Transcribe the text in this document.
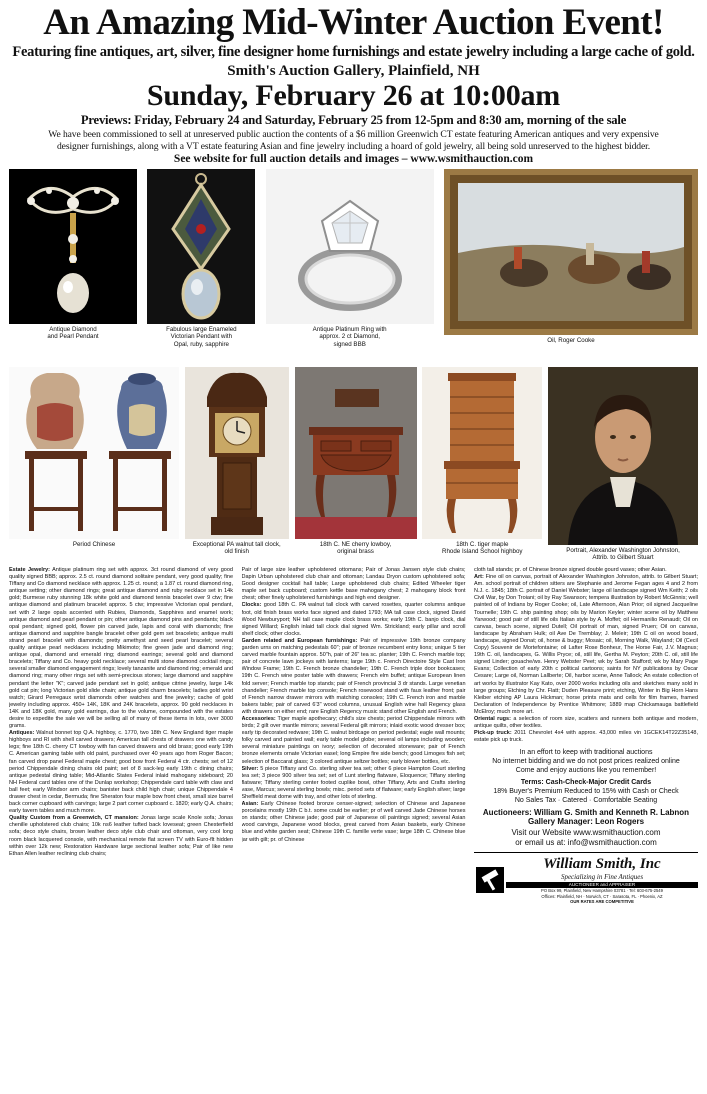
An Amazing Mid-Winter Auction Event!
Featuring fine antiques, art, silver, fine designer home furnishings and estate jewelry including a large cache of gold.
Smith's Auction Gallery, Plainfield, NH
Sunday, February 26 at 10:00am
Previews: Friday, February 24 and Saturday, February 25 from 12-5pm and 8:30 am, morning of the sale
We have been commissioned to sell at unreserved public auction the contents of a $6 million Greenwich CT estate featuring American antiques and very expensive
designer furnishings, along with a VT estate featuring Asian and fine jewelry including a hoard of gold jewelry, all being sold unreserved to the highest bidder.
See website for full auction details and images – www.wsmithauction.com
Antique Diamond
and Pearl Pendant
Fabulous large Enameled
Victorian Pendant with
Opal, ruby, sapphire
Antique Platinum Ring with
approx. 2 ct Diamond,
signed BBB
Oil, Roger Cooke
Period Chinese	Exceptional PA walnut tall clock,
old finish
18th C. NE cherry lowboy,
original brass
18th C. tiger maple
Rhode Island School highboy	Portrait, Alexander Washington Johnston,
Attrib. to Gilbert Stuart

Estate Jewelry: Antique platinum ring set with approx. 3ct round diamond of very good quality signed BBB; approx. 2.5 ct. round diamond solitaire pendant, very good quality; fine Tiffany and Co diamond necklace with approx. 1.25 ct. round; a 1.87 ct. round diamond ring, antique setting; other diamond rings; great antique diamond and ruby necklace set in 14k gold; Burmese ruby stunning 18k white gold and diamond tennis bracelet over 9 ctw; fine antique diamond and platinum bracelet approx. 5 ctw; impressive Victorian opal pendant, set with 2 large opals accented with Rubies, Diamonds, Sapphires and enamel work; antique diamond and pearl pendant or pin; other antique diamond pins and pendants; black opal pendant; signed gold, flower pin carved jade, lapis and coral with diamonds; fine antique diamond and sapphire bangle bracelet other gold gem set bracelets; antique multi strand pearl bracelet with diamonds; pretty amethyst and seed pearl bracelet; several quality antique pearl necklaces including Mikimoto; fine green jade and diamond ring; antique opal, diamond and emerald ring; diamond earrings; several gold and diamond bracelets; Tiffany and Co. heavy gold necklace; several multi stone diamond cocktail rings; several smaller diamond engagement rings; lovely tanzanite and diamond ring; emerald and diamond ring; many other rings set with semi-precious stones; large diamond and sapphire pendant the letter "K"; carved jade pendant set in gold; antique citrine jewelry, large 14k gold cat pin; long Victorian gold slide chain; antique gold charm bracelets; ladies gold wrist watch; Girard Perregaux wrist diamonds other watches and fine jewelry; cache of gold jewelry including approx. 450+ 14K, 18K and 24K bracelets, approx. 90 gold necklaces in 14K and 18K gold, many gold earrings, due to the volume, compounded with the estates desire to expedite the sale we will be selling all of many of these items in lots, over 3000 grams.

Antiques: Walnut bonnet top Q.A. highboy, c. 1770, two 18th C. New England tiger maple highboys and RI with shell carved drawers; American tall chests of drawers one with candy legs; fine 18th C. cherry CT lowboy with fan carved drawers and old brass; good early 19th C. American gaming table with old paint, purchased over 40 years ago from Roger Bacon; fan carved drop panel Federal maple chest; good bow front Federal 4 ctr. chests; set of 12 period Chippendale dining chairs old paint; set of 8 sack-leg early 19th c dining chairs; antique pedestal dining table; Mid-Atlantic States Federal inlaid mahogany sideboard; 20 NH Federal card tables one of the Dunlap workshop; Chippendale card table with claw and ball feet; early Windsor arm chairs; banister back child high chair; unique Chippendale 4 drawer chest in cedar, Bermuda; fine Sheraton four maple bow front chest, small size barrel back corner cupboard with carvings; large 2 part corner cupboard c. 1820; early Q.A. chairs; early tavern tables and much more.

Quality Custom from a Greenwich, CT mansion: Jonas large scale Knole sofa; Jonas chenille upholstered club chairs; 10k ns6 leather tufted back loveseat; green Chesterfield sofa; deco style chairs, brown leather deco style club chair and ottoman, very cool long room black lacquered console, with mechanical remote flat screen TV with Euro-flt hidden within over 12k new; Restoration Hardware large sectional leather sofa; Pair of like new Ethan Allen leather reclining club chairs;

Pair of large size leather upholstered ottomans; Pair of Jonas Jansen style club chairs; Dapin Urban upholstered club chair and ottoman; Landau Dryon custom upholstered sofa; Good designer cocktail hall table; Large upholstered club chairs; Edited Wheeler tiger maple set back cupboard; custom kettle base mahogany chest; 2 mahogany block front chest; other finely upholstered furnishings and high end designer.

Clocks: good 18th C. PA walnut tall clock with carved rosettes, quarter columns antique foot, old finish brass works face signed and dated 1793; MA tall case clock, signed David Wood Newburyport; NH tall case maple clock brass works; early 19th C. banjo clock, dial signed Willard; English inlaid tall clock dial signed Wm. Strickland; early pillar and scroll shelf clock; other clocks.

Garden related and European furnishings: Pair of impressive 19th bronze company garden urns on matching pedestals 60"; pair of bronze recumbent entry lions; unique 5 tier carved marble fountain approx. 50"h, pair of 26" tea sc. planter; 19th C. French marble top; pair of concrete lawn jockeys with lanterns; large 19th c. French Directoire Style Cast Iron Window Frame; 19th C. French bronze chandelier; 19th C. French triple door bookcases; 19th C. French wine poster table with drawers; French elm buffet; antique European linen fold server; French marble top stands; pair of French provincial 3 dr stands. Large venetian chandelier; French marble top console; French rosewood stand with faux leather front; pair of French narrow drawer mirrors with matching consoles; 19th C. French iron and marble bakers table; pair of carved 6'3" wood columns, unusual English wine hall Regency glass with drawers on either end; rare English Regency music stand other English and French.

Accessories: Tiger maple apothecary; child's size chests; period Chippendale mirrors with birds; 2 gilt over mantle mirrors; several Federal gilt mirrors; inlaid exotic wood dresser box; early tip decorated redware; 19th C. walnut birdcage on period pedestal; eagle wall mounts; folky carved and painted wall; early table model globe; several oil lamps including wooden; several miniature paintings on ivory; selection of decorated stoneware; pair of French bronze elements ornate Victorian easel; long Empire fire side bench; good Limoges fish set; selection of Baccarat glass; 3 colored antique seltzer bottles; early blower bottles, etc.

Silver: 5 piece Tiffany and Co. sterling silver tea set; other 6 piece Hampton Court sterling tea set; 3 piece 900 silver tea set; set of Lunt sterling flatware, Eloquence; Tiffany sterling flatware; Tiffany sterling center footed cuplike bowl, other Tiffany, Arts and Crafts sterling vase, Marcus; several sterling bowls; misc. period sets of flatware; early English silver; large Sheffield meat dome with tray, and other lots of sterling.

Asian: Early Chinese footed bronze censer-signed; selection of Chinese and Japanese porcelains mostly 19th C b.t. some could be earlier; pr of well carved Jade Chinese horses on stands; other Chinese jade; good pair of Japanese oil paintings signed; several Asian wood carvings, Japanese wood blocks, great carved from Asian baskets, early Chinese blue and white garden seat; Chinese 19th C. famille verte vase; large 18th C. Chinese blue jar with gilt; pr. of Chinese

cloth tall stands; pr. of Chinese bronze signed double gourd vases; other Asian.

Art: Fine oil on canvas, portrait of Alexander Washington Johnston, attrib. to Gilbert Stuart; Am. school portrait of children sitters are Stephanie and Jerome Fegan ages 4 and 2 from N.J. c. 1845; 18th C. portrait of Daniel Webster; large oil landscape signed Wm Keith; 2 oils Civil War, by Don Troiani; oil by Ray Swanson; tempera illustration by Robert McGinnis; well painted oil of Indians by Roger Cooke; oil, Late Afternoon, Alan Prior; oil signed Jacqueline Tournelle; 19th C. ship painting shop; oils by Marion Keyler; winter scene oil by Matthew Yarwood; good pair of still life oils Italian style by A. Moffet; oil Hermanilio Renaudi; Oil on canvas, beach scene, signed Dutell; Oil portrait of man, signed Pruen; Oil on canvas, landscape by Abraham Hulk; oil Ave De Tremblay; J. Meleir; 19th C oil on wood board, landscape, signed Donat; oil, horse & buggy; Mosaic; oil, Morning Walk, Wayland; Oil (Cecil Copy) Souvenir de Mortefontaine; oil Lafter Rose Bonheur, The Horse Fair, J.V. Magnus; 19th C. oil, landscapes, G. Willis Pryce; oil, still life, Gertha M. Peyton; 20th C. oil, still life signed Linder; gouache/ws. Henry Webster Peet; wk by Sarah Stafford; wk by Mary Page Evans; Collection of early 20th c political cartoons; saints for NY publications by Oscar Cesare; Large oil, Norman Lallberte; Oil, harbor scene, Anne Tallock; An estate collection of art works by illustrator Kay Kato, over 2000 works including oils and sketches many sold in large groups; Etching by Chr. Flatt; Duden Pleasure print; etching, Winter in Big Horn Hans Kleiber etching AP Laura Hickman; horse prints mats and cells for film frames, framed Declaration of Independence by Prentice Whitmore; 1889 map Chickamauga battlefield McElroy; much more art.

Oriental rugs: a selection of room size, scatters and runners both antique and modern, antique quilts, other textiles.

Pick-up truck: 2011 Chevrolet 4x4 with approx. 43,000 miles vin 1GCEK14T22Z35148, estate pick up truck.

In an effort to keep with traditional auctions
No internet bidding and we do not post prices realized online
Come and enjoy auctions like you remember!
Terms: Cash-Check-Major Credit Cards
18% Buyer's Premium Reduced to 15% with Cash or Check
No Sales Tax · Catered · Comfortable Seating
Auctioneers: William G. Smith and Kenneth R. Labnon
Gallery Manager: Leon Rogers
Visit our Website www.wsmithauction.com
or email us at: info@wsmithauction.com
William Smith, Inc
Specializing in Fine Antiques
AUCTIONEER and APPRAISER
PO Box 99, Plainfield, New Hampshire 03781 · Tel: 603-675-2549
Offices: Plainfield, NH · Norwich, CT · Sarasota, FL · Phoenix, AZ
OUR RATES ARE COMPETITIVE
